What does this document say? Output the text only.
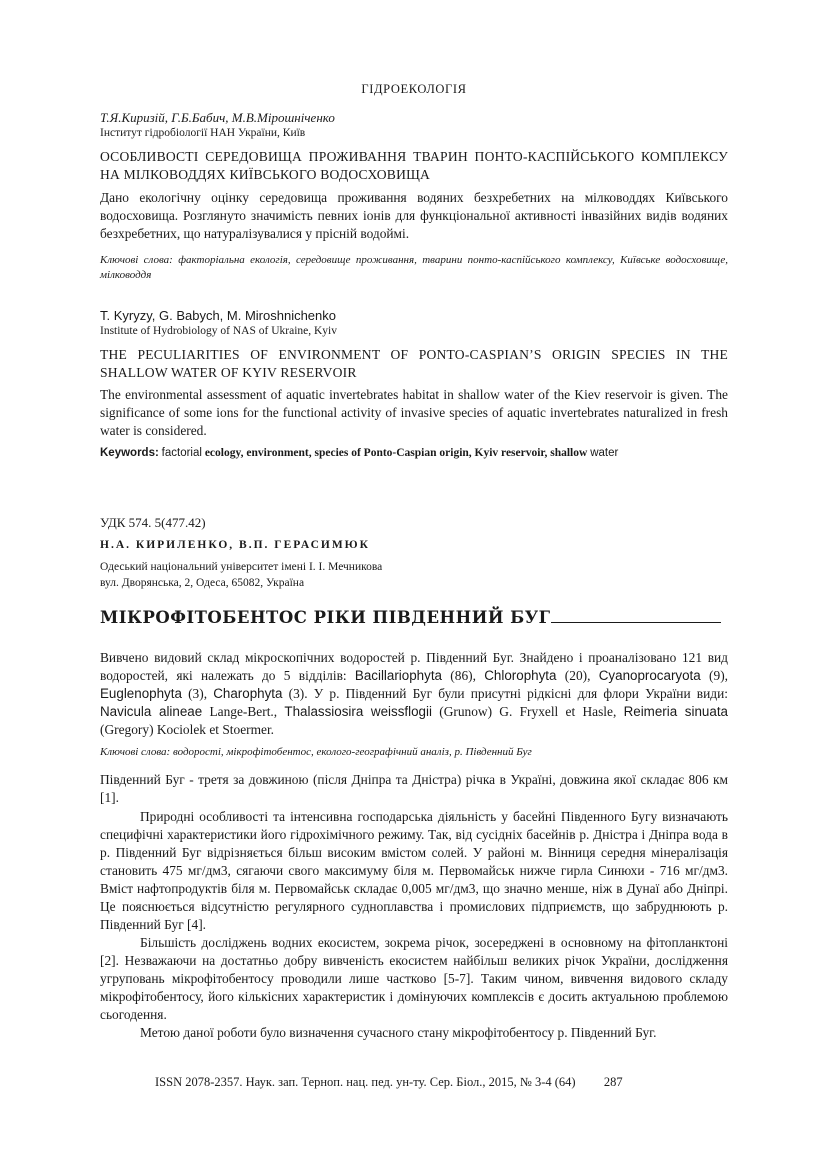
ГІДРОЕКОЛОГІЯ
Т.Я.Киризій, Г.Б.Бабич, М.В.Мірошніченко
Інститут гідробіології НАН України, Київ
ОСОБЛИВОСТІ СЕРЕДОВИЩА ПРОЖИВАННЯ ТВАРИН ПОНТО-КАСПІЙСЬКОГО КОМПЛЕКСУ НА МІЛКОВОДДЯХ КИЇВСЬКОГО ВОДОСХОВИЩА
Дано екологічну оцінку середовища проживання водяних безхребетних на мілководдях Київського водосховища. Розглянуто значимість певних іонів для функціональної активності інвазійних видів водяних безхребетних, що натуралізувалися у прісній водоймі.
Ключові слова: факторіальна екологія, середовище проживання, тварини понто-каспійського комплексу, Київське водосховище, мілководдя
T. Kyryzy, G. Babych, M. Miroshnichenko
Institute of Hydrobiology of NAS of Ukraine, Kyiv
THE PECULIARITIES OF ENVIRONMENT OF PONTO-CASPIAN’S ORIGIN SPECIES IN THE SHALLOW WATER OF KYIV RESERVOIR
The environmental assessment of aquatic invertebrates habitat in shallow water of the Kiev reservoir is given. The significance of some ions for the functional activity of invasive species of aquatic invertebrates naturalized in fresh water is considered.
Keywords: factorial ecology, environment, species of Ponto-Caspian origin, Kyiv reservoir, shallow water
УДК 574. 5(477.42)
Н.А. КИРИЛЕНКО, В.П. ГЕРАСИМЮК
Одеський національний університет імені І. І. Мечникова
вул. Дворянська, 2, Одеса, 65082, Україна
МІКРОФІТОБЕНТОС РІКИ ПІВДЕННИЙ БУГ
Вивчено видовий склад мікроскопічних водоростей р. Південний Буг. Знайдено і проаналізовано 121 вид водоростей, які належать до 5 відділів: Bacillariophyta (86), Chlorophyta (20), Cyanoprocaryota (9), Euglenophyta (3), Charophyta (3). У р. Південний Буг були присутні рідкісні для флори України види: Navicula alineae Lange-Bert., Thalassiosira weissflogii (Grunow) G. Fryxell et Hasle, Reimeria sinuata (Gregory) Kociolek et Stoermer.
Ключові слова: водорості, мікрофітобентос, еколого-географічний аналіз, р. Південний Буг
Південний Буг - третя за довжиною (після Дніпра та Дністра) річка в Україні, довжина якої складає 806 км [1].
Природні особливості та інтенсивна господарська діяльність у басейні Південного Бугу визначають специфічні характеристики його гідрохімічного режиму. Так, від сусідніх басейнів р. Дністра і Дніпра вода в р. Південний Буг відрізняється більш високим вмістом солей. У районі м. Вінниця середня мінералізація становить 475 мг/дм3, сягаючи свого максимуму біля м. Первомайськ нижче гирла Синюхи - 716 мг/дм3. Вміст нафтопродуктів біля м. Первомайськ складає 0,005 мг/дм3, що значно менше, ніж в Дунаї або Дніпрі. Це пояснюється відсутністю регулярного судноплавства і промислових підприємств, що забруднюють р. Південний Буг [4].
Більшість досліджень водних екосистем, зокрема річок, зосереджені в основному на фітопланктоні [2]. Незважаючи на достатньо добру вивченість екосистем найбільш великих річок України, дослідження угруповань мікрофітобентосу проводили лише частково [5-7]. Таким чином, вивчення видового складу мікрофітобентосу, його кількісних характеристик і домінуючих комплексів є досить актуальною проблемою сьогодення.
Метою даної роботи було визначення сучасного стану мікрофітобентосу р. Південний Буг.
ISSN 2078-2357. Наук. зап. Терноп. нац. пед. ун-ту. Сер. Біол., 2015, № 3-4 (64) 287
